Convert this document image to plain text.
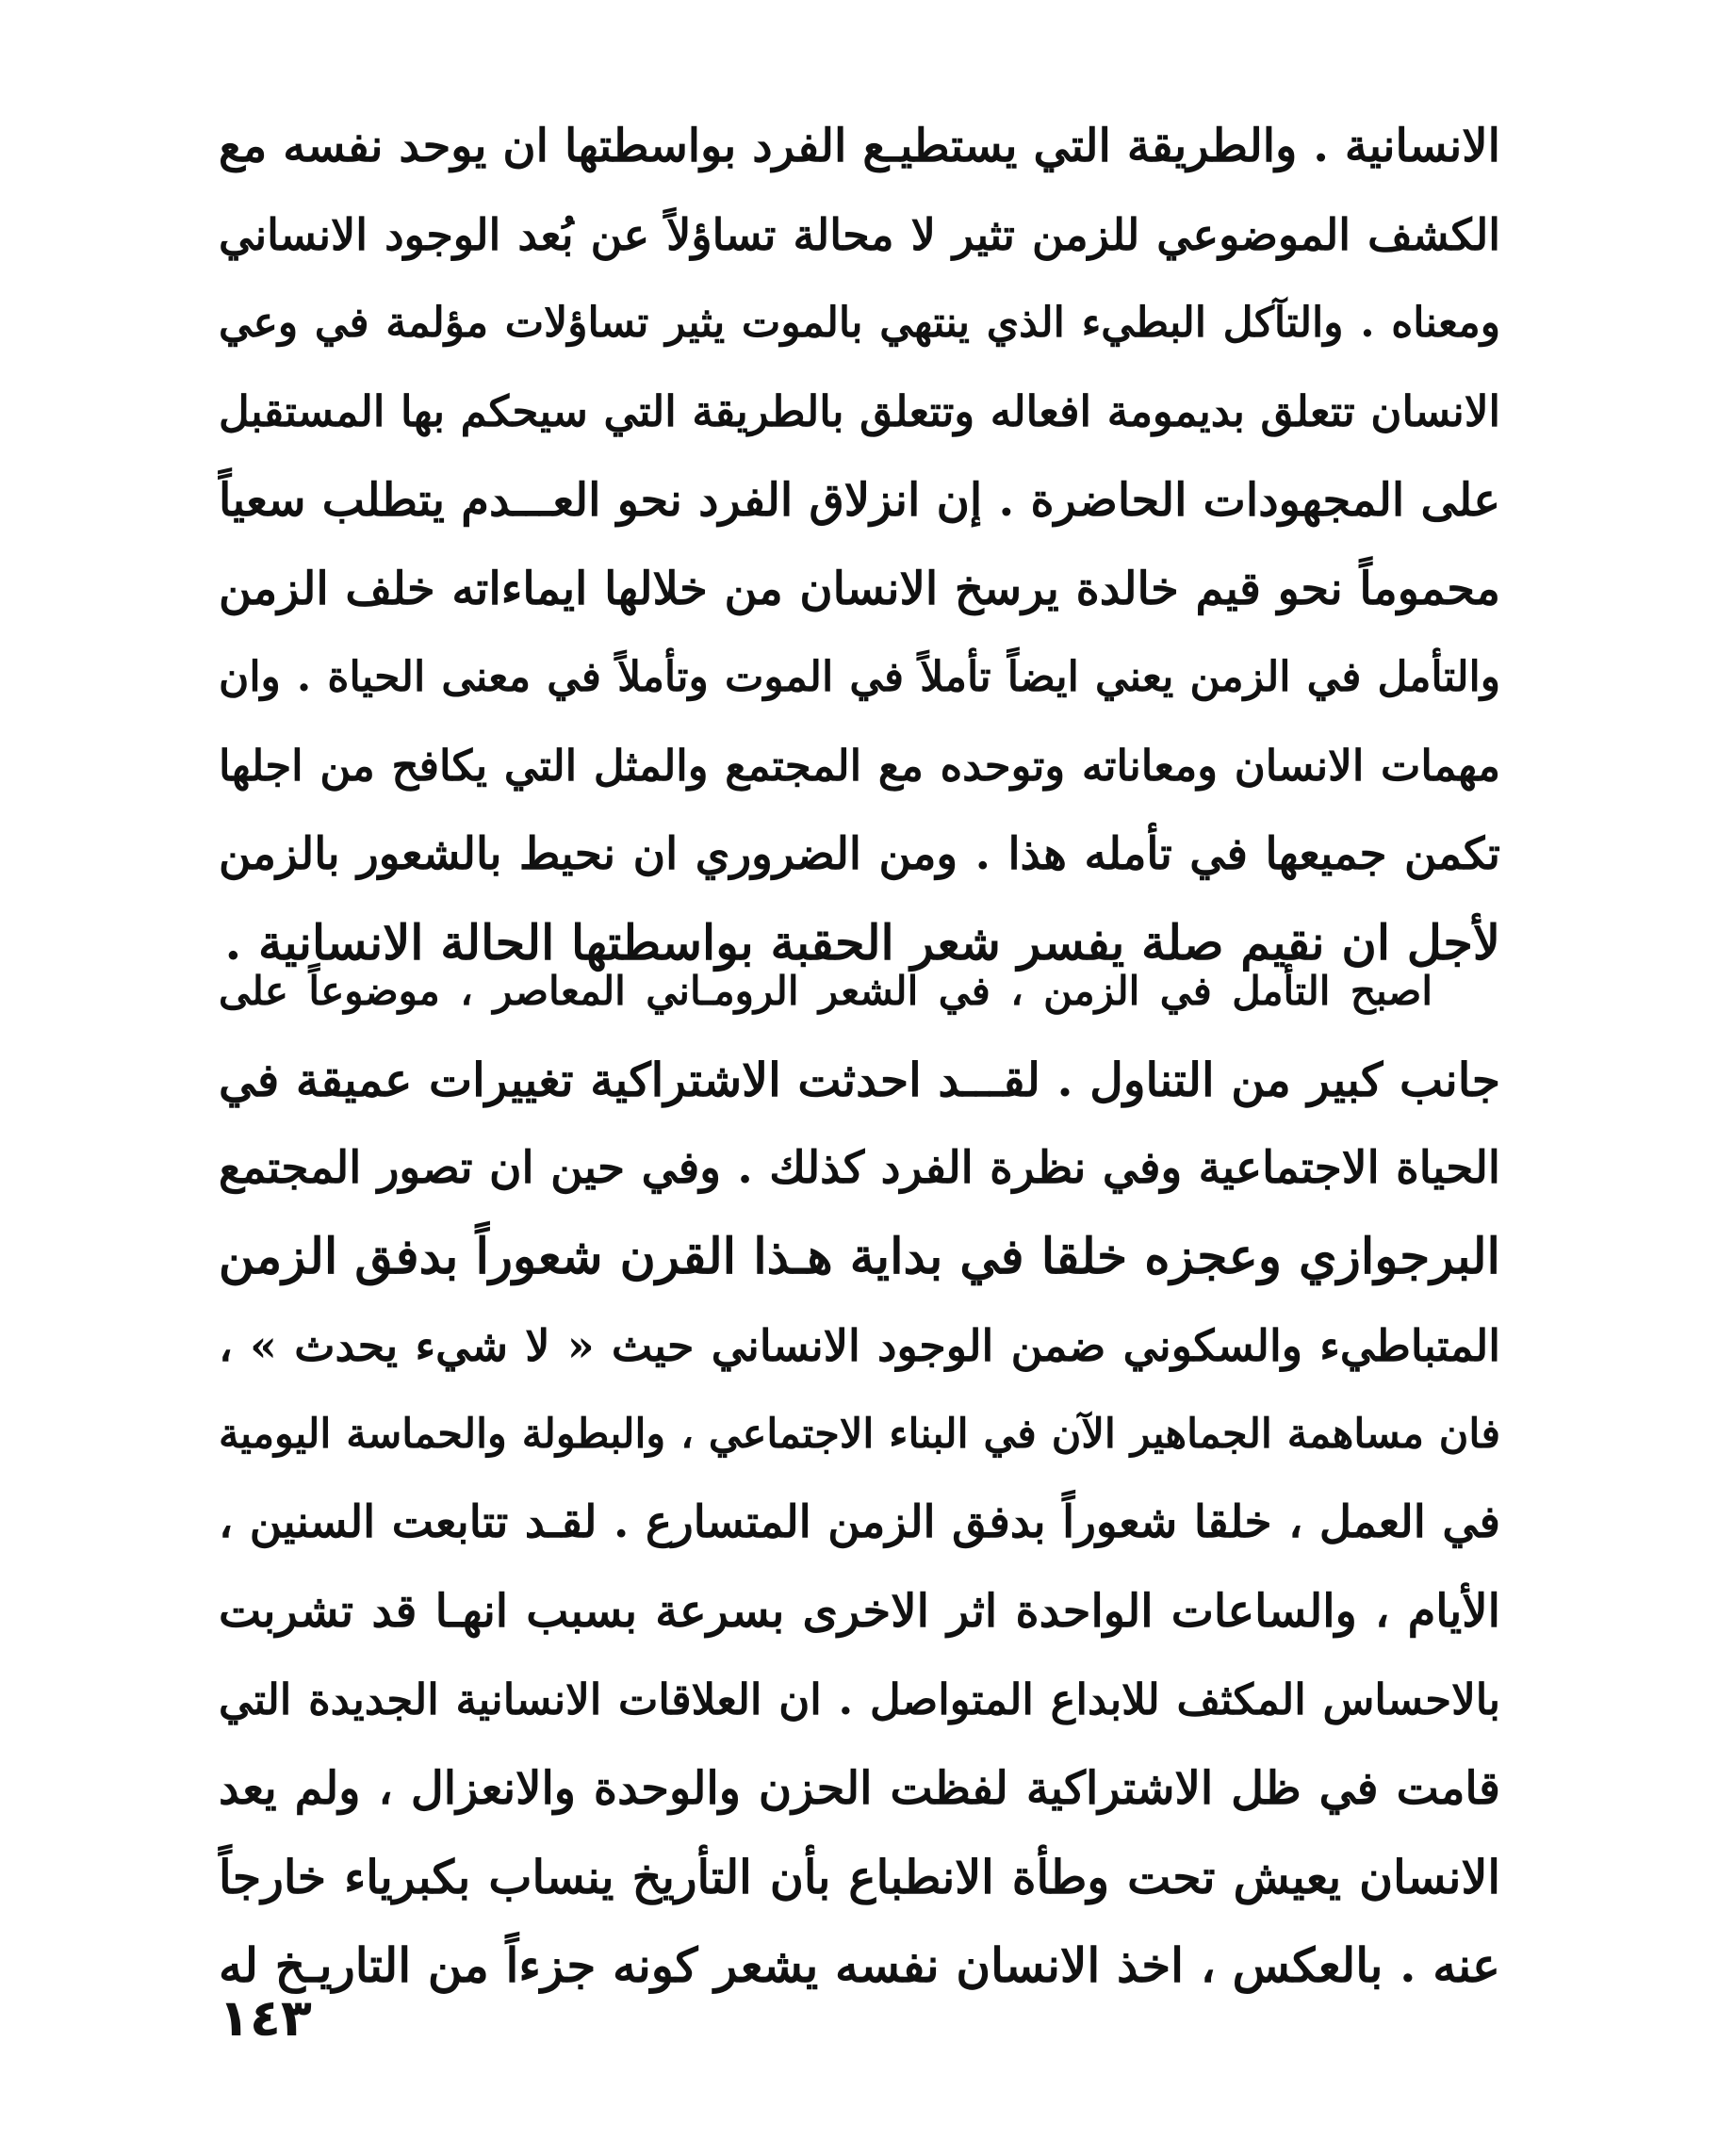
الانسانية . والطريقة التي يستطيـع الفرد بواسطتها ان يوحد نفسه مع
الكشف الموضوعي للزمن تثير لا محالة تساؤلاً عن بُعد الوجود الانساني
ومعناه . والتآكل البطيء الذي ينتهي بالموت يثير تساؤلات مؤلمة في وعي
الانسان تتعلق بديمومة افعاله وتتعلق بالطريقة التي سيحكم بها المستقبل
على المجهودات الحاضرة . إن انزلاق الفرد نحو العـــدم يتطلب سعياً
محموماً نحو قيم خالدة يرسخ الانسان من خلالها ايماءاته خلف الزمن
والتأمل في الزمن يعني ايضاً تأملاً في الموت وتأملاً في معنى الحياة . وان
مهمات الانسان ومعاناته وتوحده مع المجتمع والمثل التي يكافح من اجلها
تكمن جميعها في تأمله هذا . ومن الضروري ان نحيط بالشعور بالزمن
لأجل ان نقيم صلة يفسر شعر الحقبة بواسطتها الحالة الانسانية .
اصبح التأمل في الزمن ، في الشعر الرومـاني المعاصر ، موضوعاً على
جانب كبير من التناول . لقـــد احدثت الاشتراكية تغييرات عميقة في
الحياة الاجتماعية وفي نظرة الفرد كذلك . وفي حين ان تصور المجتمع
البرجوازي وعجزه خلقا في بداية هـذا القرن شعوراً بدفق الزمن
المتباطيء والسكوني ضمن الوجود الانساني حيث « لا شيء يحدث » ،
فان مساهمة الجماهير الآن في البناء الاجتماعي ، والبطولة والحماسة اليومية
في العمل ، خلقا شعوراً بدفق الزمن المتسارع . لقـد تتابعت السنين ،
الأيام ، والساعات الواحدة اثر الاخرى بسرعة بسبب انهـا قد تشربت
بالاحساس المكثف للابداع المتواصل . ان العلاقات الانسانية الجديدة التي
قامت في ظل الاشتراكية لفظت الحزن والوحدة والانعزال ، ولم يعد
الانسان يعيش تحت وطأة الانطباع بأن التأريخ ينساب بكبرياء خارجاً
عنه . بالعكس ، اخذ الانسان نفسه يشعر كونه جزءاً من التاريـخ له
١٤٣
